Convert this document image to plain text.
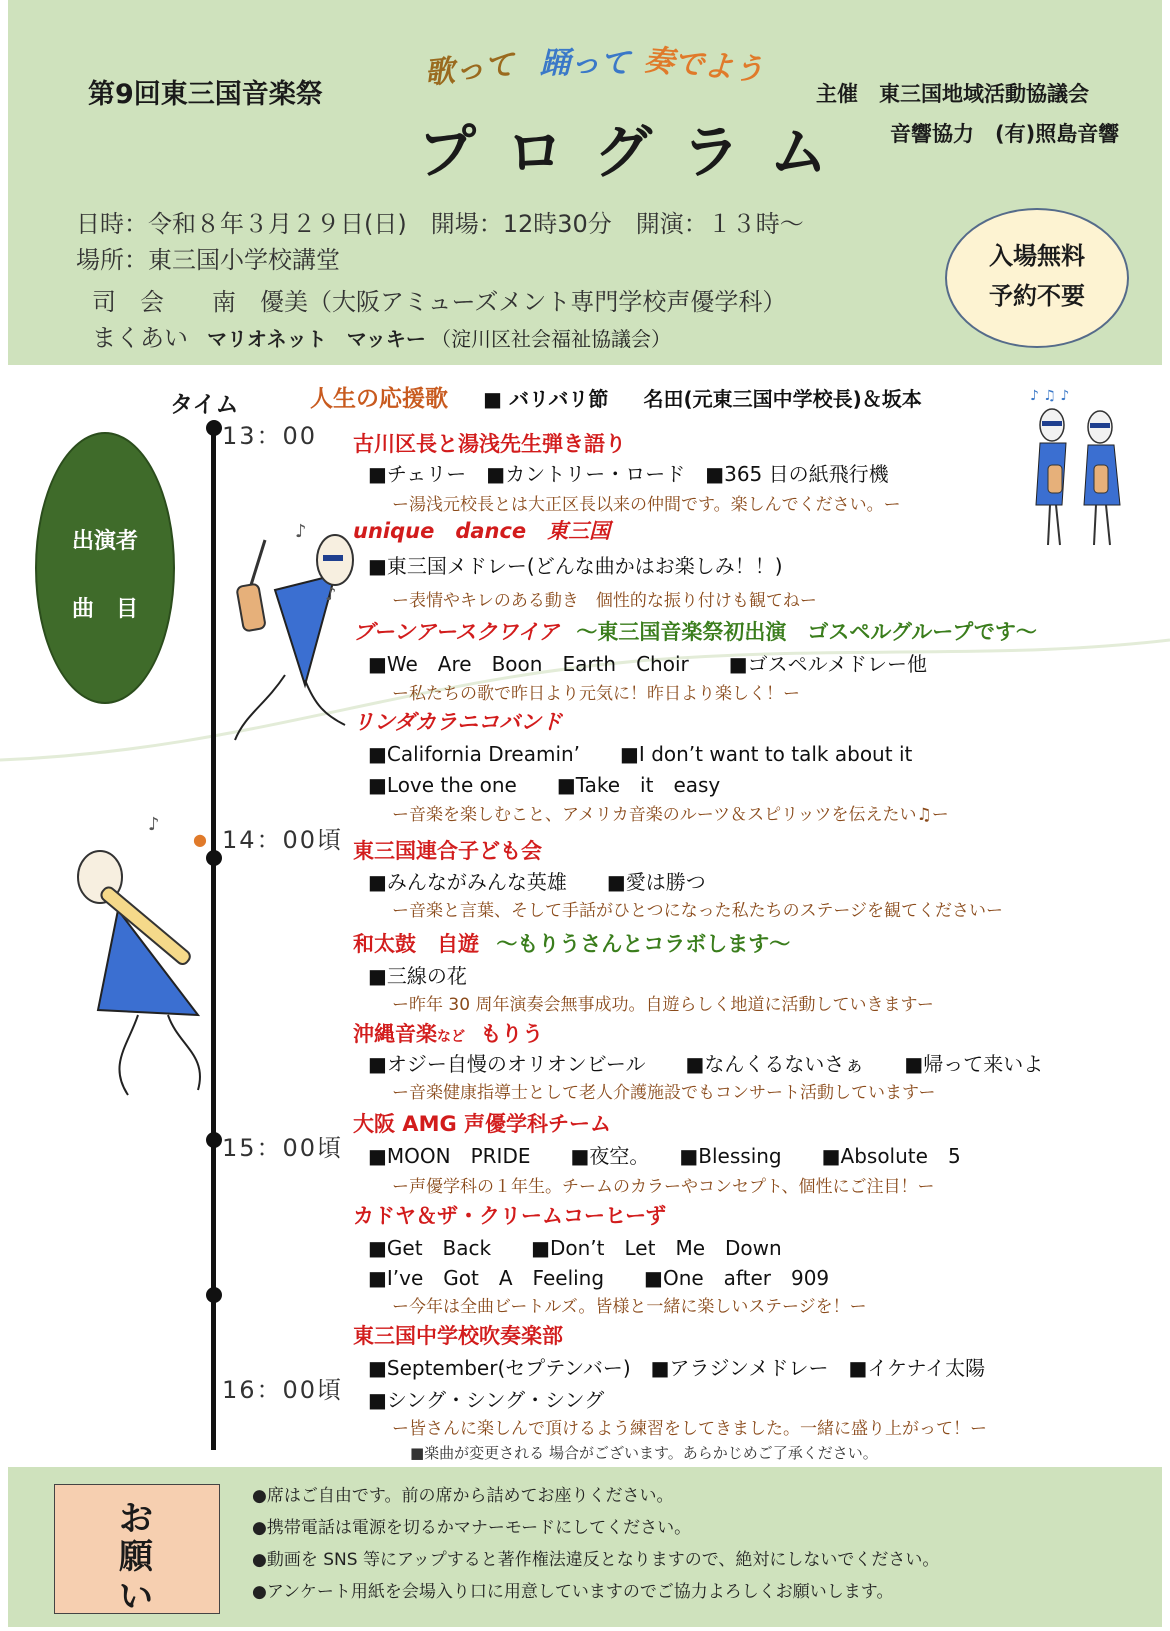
第9回東三国音楽祭
歌って 踊って 奏でよう
プログラム
主催　東三国地域活動協議会
音響協力　(有)照島音響
日時：令和８年３月２９日(日)　開場：12時30分　開演：１３時〜
場所：東三国小学校講堂
司　会　　南　優美（大阪アミューズメント専門学校声優学科）
まくあい マリオネット　マッキー （淀川区社会福祉協議会）
入場無料
予約不要
タイム
出演者
曲　目
13：00
14：00頃
15：00頃
16：00頃
♪
♪
♪ ♫ ♪
♪
●
人生の応援歌 ■ バリバリ節 名田(元東三国中学校長)＆坂本
古川区長と湯浅先生弾き語り
■チェリー　■カントリー・ロード　■365 日の紙飛行機
ー湯浅元校長とは大正区長以来の仲間です。楽しんでください。ー
unique　dance　東三国
■東三国メドレー(どんな曲かはお楽しみ！！)
ー表情やキレのある動き　個性的な振り付けも観てねー
ブーンアースクワイア 〜東三国音楽祭初出演　ゴスペルグループです〜
■We　Are　Boon　Earth　Choir　　■ゴスペルメドレー他
ー私たちの歌で昨日より元気に！昨日より楽しく！ー
リンダカラニコバンド
■California Dreamin’　　■I don’t want to talk about it
■Love the one　　■Take　it　easy
ー音楽を楽しむこと、アメリカ音楽のルーツ＆スピリッツを伝えたい♫ー
東三国連合子ども会
■みんながみんな英雄　　■愛は勝つ
ー音楽と言葉、そして手話がひとつになった私たちのステージを観てくださいー
和太鼓　自遊 〜もりうさんとコラボします〜
■三線の花
ー昨年 30 周年演奏会無事成功。自遊らしく地道に活動していきますー
沖縄音楽など もりう
■オジー自慢のオリオンビール　　■なんくるないさぁ　　■帰って来いよ
ー音楽健康指導士として老人介護施設でもコンサート活動していますー
大阪 AMG 声優学科チーム
■MOON　PRIDE　　■夜空。　　■Blessing　　■Absolute　5
ー声優学科の１年生。チームのカラーやコンセプト、個性にご注目！ー
カドヤ＆ザ・クリームコーヒーず
■Get　Back　　■Don’t　Let　Me　Down
■I’ve　Got　A　Feeling　　■One　after　909
ー今年は全曲ビートルズ。皆様と一緒に楽しいステージを！ー
東三国中学校吹奏楽部
■September(セプテンバー)　■アラジンメドレー　■イケナイ太陽
■シング・シング・シング
ー皆さんに楽しんで頂けるよう練習をしてきました。一緒に盛り上がって！ー
■楽曲が変更される 場合がございます。あらかじめご了承ください。
お
願
い
●席はご自由です。前の席から詰めてお座りください。
●携帯電話は電源を切るかマナーモードにしてください。
●動画を SNS 等にアップすると著作権法違反となりますので、絶対にしないでください。
●アンケート用紙を会場入り口に用意していますのでご協力よろしくお願いします。
